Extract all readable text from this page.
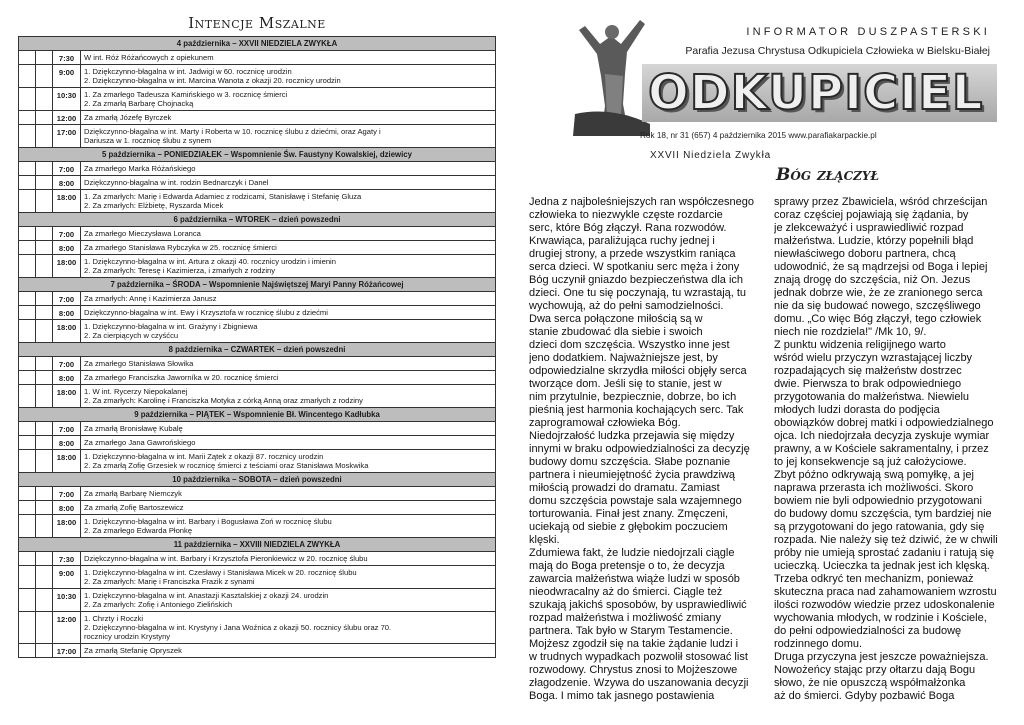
Intencje Mszalne
4 października – XXVII NIEDZIELA ZWYKŁA
7:30	W int. Róż Różańcowych z opiekunem
9:00	1. Dziękczynno-błagalna w int. Jadwigi w 60. rocznicę urodzin
2. Dziękczynno-błagalna w int. Marcina Wanota z okazji 20. rocznicy urodzin
10:30	1. Za zmarłego Tadeusza Kamińskiego w 3. rocznicę śmierci
2. Za zmarłą Barbarę Chojnacką
12:00	Za zmarłą Józefę Byrczek
17:00	Dziękczynno-błagalna w int. Marty i Roberta w 10. rocznicę ślubu z dziećmi, oraz Agaty i
Dariusza w 1. rocznicę ślubu z synem
5 października – PONIEDZIAŁEK – Wspomnienie Św. Faustyny Kowalskiej, dziewicy
7:00	Za zmarłego Marka Różańskiego
8:00	Dziękczynno-błagalna w int. rodzin Bednarczyk i Danel
18:00	1. Za zmarłych: Marię i Edwarda Adamiec z rodzicami, Stanisławę i Stefanię Gluza
2. Za zmarłych: Elżbietę, Ryszarda Micek
6 października – WTOREK – dzień powszedni
7:00	Za zmarłego Mieczysława Loranca
8:00	Za zmarłego Stanisława Rybczyka w 25. rocznicę śmierci
18:00	1. Dziękczynno-błagalna w int. Artura z okazji 40. rocznicy urodzin i imienin
2. Za zmarłych: Teresę i Kazimierza, i zmarłych z rodziny
7 października – ŚRODA – Wspomnienie Najświętszej Maryi Panny Różańcowej
7:00	Za zmarłych: Annę i Kazimierza Janusz
8:00	Dziękczynno-błagalna w int. Ewy i Krzysztofa w rocznicę ślubu z dziećmi
18:00	1. Dziękczynno-błagalna w int. Grażyny i Zbigniewa
2. Za cierpiących w czyśćcu
8 października – CZWARTEK – dzień powszedni
7:00	Za zmarłego Stanisława Słowika
8:00	Za zmarłego Franciszka Jaworníka w 20. rocznicę śmierci
18:00	1. W int. Rycerzy Niepokalanej
2. Za zmarłych: Karolinę i Franciszka Motyka z córką Anną oraz zmarłych z rodziny
9 października – PIĄTEK – Wspomnienie Bł. Wincentego Kadłubka
7:00	Za zmarłą Bronisławę Kubalę
8:00	Za zmarłego Jana Gawrońskiego
18:00	1. Dziękczynno-błagalna w int. Marii Zątek z okazji 87. rocznicy urodzin
2. Za zmarłą Zofię Grzesiek w rocznicę śmierci z teściami oraz Stanisława Moskwika
10 października – SOBOTA – dzień powszedni
7:00	Za zmarłą Barbarę Niemczyk
8:00	Za zmarłą Zofię Bartoszewicz
18:00	1. Dziękczynno-błagalna w int. Barbary i Bogusława Zoń w rocznicę ślubu
2. Za zmarłego Edwarda Płonkę
11 października – XXVIII NIEDZIELA ZWYKŁA
7:30	Dziękczynno-błagalna w int. Barbary i Krzysztofa Pieronkiewicz w 20. rocznicę ślubu
9:00	1. Dziękczynno-błagalna w int. Czesławy i Stanisława Micek w 20. rocznicę ślubu
2. Za zmarłych: Marię i Franciszka Frazik z synami
10:30	1. Dziękczynno-błagalna w int. Anastazji Kasztalskiej z okazji 24. urodzin
2. Za zmarłych: Zofię i Antoniego Zielińskich
12:00	1. Chrzty i Roczki
2. Dziękczynno-błagalna w int. Krystyny i Jana Woźnica z okazji 50. rocznicy ślubu oraz 70.
rocznicy urodzin Krystyny
17:00	Za zmarłą Stefanię Opryszek
INFORMATOR DUSZPASTERSKI
Parafia Jezusa Chrystusa Odkupiciela Człowieka w Bielsku-Białej
ODKUPICIEL
Rok 18, nr 31 (657) 4 października 2015 www.parafiakarpackie.pl
XXVII Niedziela Zwykła
Bóg złączył
Jedna z najboleśniejszych ran współczesnego
człowieka to niezwykle częste rozdarcie
serc, które Bóg złączył. Rana rozwodów.
Krwawiąca, paraliżująca ruchy jednej i
drugiej strony, a przede wszystkim raniąca
serca dzieci. W spotkaniu serc męża i żony
Bóg uczynił gniazdo bezpieczeństwa dla ich
dzieci. One tu się poczynają, tu wzrastają, tu
wychowują, aż do pełni samodzielności.
Dwa serca połączone miłością są w
stanie zbudować dla siebie i swoich
dzieci dom szczęścia. Wszystko inne jest
jeno dodatkiem. Najważniejsze jest, by
odpowiedzialne skrzydła miłości objęły serca
tworzące dom. Jeśli się to stanie, jest w
nim przytulnie, bezpiecznie, dobrze, bo ich
pieśnią jest harmonia kochających serc. Tak
zaprogramował człowieka Bóg.
Niedojrzałość ludzka przejawia się między
innymi w braku odpowiedzialności za decyzję
budowy domu szczęścia. Słabe poznanie
partnera i nieumiejętność życia prawdziwą
miłością prowadzi do dramatu. Zamiast
domu szczęścia powstaje sala wzajemnego
torturowania. Finał jest znany. Zmęczeni,
uciekają od siebie z głębokim poczuciem
klęski.
Zdumiewa fakt, że ludzie niedojrzali ciągle
mają do Boga pretensje o to, że decyzja
zawarcia małżeństwa wiąże ludzi w sposób
nieodwracalny aż do śmierci. Ciągle też
szukają jakichś sposobów, by usprawiedliwić
rozpad małżeństwa i możliwość zmiany
partnera. Tak było w Starym Testamencie.
Mojżesz zgodził się na takie żądanie ludzi i
w trudnych wypadkach pozwolił stosować list
rozwodowy. Chrystus znosi to Mojżeszowe
złagodzenie. Wzywa do uszanowania decyzji
Boga. I mimo tak jasnego postawienia
sprawy przez Zbawiciela, wśród chrześcijan
coraz częściej pojawiają się żądania, by
je zlekceważyć i usprawiedliwić rozpad
małżeństwa. Ludzie, którzy popełnili błąd
niewłaściwego doboru partnera, chcą
udowodnić, że są mądrzejsi od Boga i lepiej
znają drogę do szczęścia, niż On. Jezus
jednak dobrze wie, że ze zranionego serca
nie da się budować nowego, szczęśliwego
domu. „Co więc Bóg złączył, tego człowiek
niech nie rozdziela!" /Mk 10, 9/.
Z punktu widzenia religijnego warto
wśród wielu przyczyn wzrastającej liczby
rozpadających się małżeństw dostrzec
dwie. Pierwsza to brak odpowiedniego
przygotowania do małżeństwa. Niewielu
młodych ludzi dorasta do podjęcia
obowiązków dobrej matki i odpowiedzialnego
ojca. Ich niedojrzała decyzja zyskuje wymiar
prawny, a w Kościele sakramentalny, i przez
to jej konsekwencje są już całożyciowe.
Zbyt późno odkrywają swą pomyłkę, a jej
naprawa przerasta ich możliwości. Skoro
bowiem nie byli odpowiednio przygotowani
do budowy domu szczęścia, tym bardziej nie
są przygotowani do jego ratowania, gdy się
rozpada. Nie należy się też dziwić, że w chwili
próby nie umieją sprostać zadaniu i ratują się
ucieczką. Ucieczka ta jednak jest ich klęską.
Trzeba odkryć ten mechanizm, ponieważ
skuteczna praca nad zahamowaniem wzrostu
ilości rozwodów wiedzie przez udoskonalenie
wychowania młodych, w rodzinie i Kościele,
do pełni odpowiedzialności za budowę
rodzinnego domu.
Druga przyczyna jest jeszcze poważniejsza.
Nowożeńcy stając przy ołtarzu dają Bogu
słowo, że nie opuszczą współmałżonka
aż do śmierci. Gdyby pozbawić Boga
